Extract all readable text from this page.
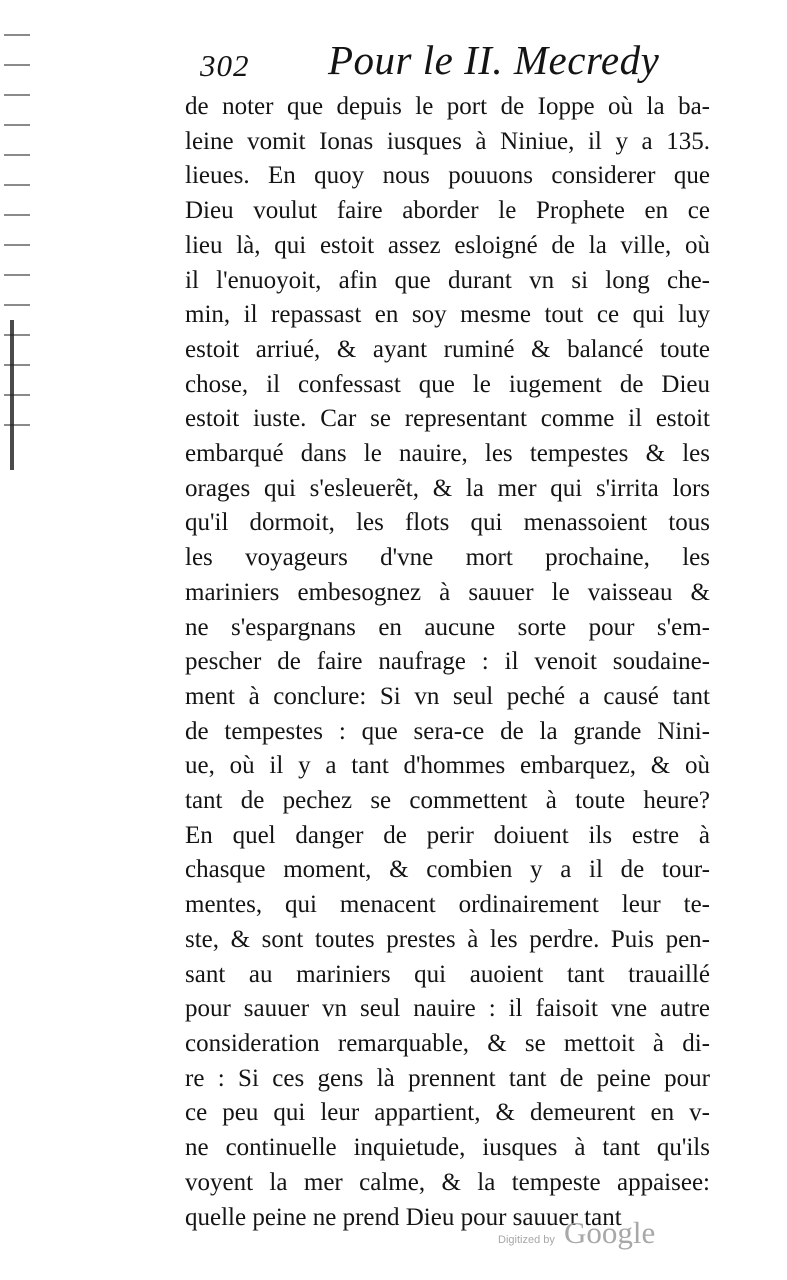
302 Pour le II. Mecredy
de noter que depuis le port de Ioppe où la ba-
leine vomit Ionas iusques à Niniue, il y a 135.
lieues. En quoy nous pouuons considerer que
Dieu voulut faire aborder le Prophete en ce
lieu là, qui estoit assez esloigné de la ville, où
il l'enuoyoit, afin que durant vn si long che-
min, il repassast en soy mesme tout ce qui luy
estoit arriué, & ayant ruminé & balancé toute
chose, il confessast que le iugement de Dieu
estoit iuste. Car se representant comme il estoit
embarqué dans le nauire, les tempestes & les
orages qui s'esleuerẽt, & la mer qui s'irrita lors
qu'il dormoit, les flots qui menassoient tous
les voyageurs d'vne mort prochaine, les
mariniers embesognez à sauuer le vaisseau &
ne s'espargnans en aucune sorte pour s'em-
pescher de faire naufrage : il venoit soudaine-
ment à conclure: Si vn seul peché a causé tant
de tempestes : que sera-ce de la grande Nini-
ue, où il y a tant d'hommes embarquez, & où
tant de pechez se commettent à toute heure?
En quel danger de perir doiuent ils estre à
chasque moment, & combien y a il de tour-
mentes, qui menacent ordinairement leur te-
ste, & sont toutes prestes à les perdre. Puis pen-
sant au mariniers qui auoient tant trauaillé
pour sauuer vn seul nauire : il faisoit vne autre
consideration remarquable, & se mettoit à di-
re : Si ces gens là prennent tant de peine pour
ce peu qui leur appartient, & demeurent en v-
ne continuelle inquietude, iusques à tant qu'ils
voyent la mer calme, & la tempeste appaisee:
quelle peine ne prend Dieu pour sauuer tant
Digitized by Google
